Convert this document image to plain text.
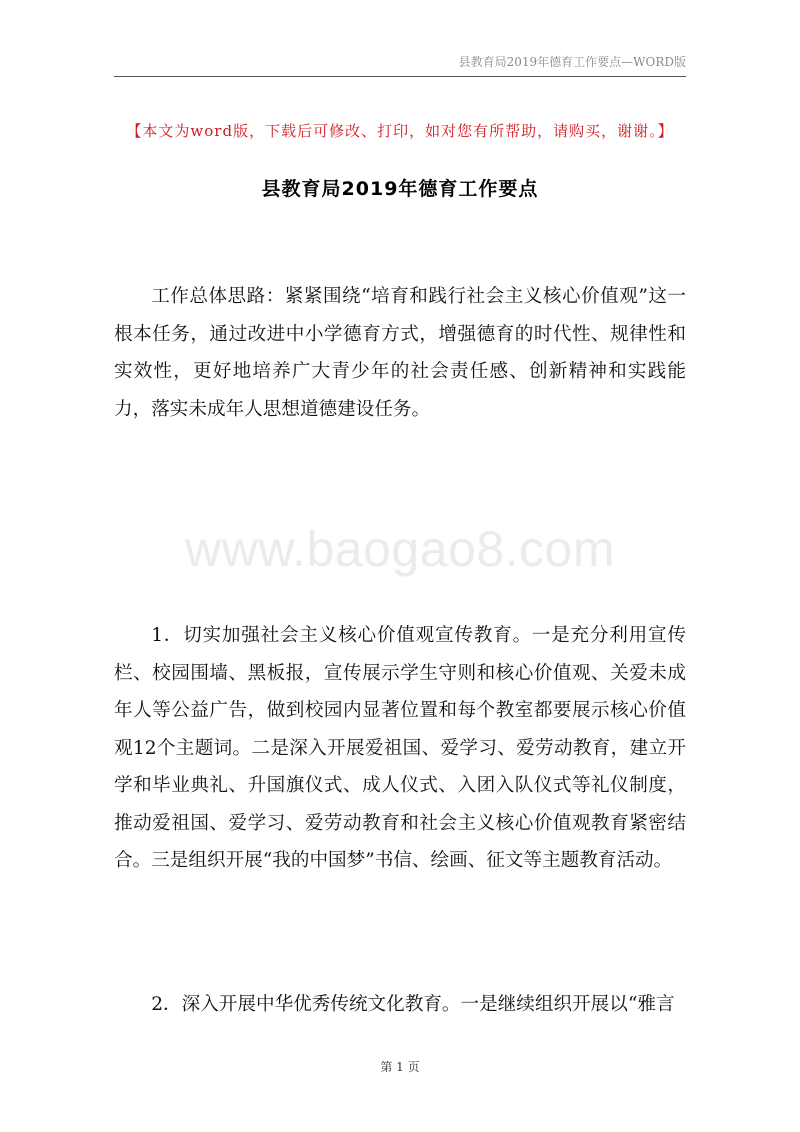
县教育局2019年德育工作要点—WORD版
【本文为word版，下载后可修改、打印，如对您有所帮助，请购买，谢谢。】
县教育局2019年德育工作要点
www.baogao8.com

工作总体思路：紧紧围绕“培育和践行社会主义核心价值观”这一根本任务，通过改进中小学德育方式，增强德育的时代性、规律性和实效性，更好地培养广大青少年的社会责任感、创新精神和实践能力，落实未成年人思想道德建设任务。

1．切实加强社会主义核心价值观宣传教育。一是充分利用宣传栏、校园围墙、黑板报，宣传展示学生守则和核心价值观、关爱未成年人等公益广告，做到校园内显著位置和每个教室都要展示核心价值观12个主题词。二是深入开展爱祖国、爱学习、爱劳动教育，建立开学和毕业典礼、升国旗仪式、成人仪式、入团入队仪式等礼仪制度，推动爱祖国、爱学习、爱劳动教育和社会主义核心价值观教育紧密结合。三是组织开展“我的中国梦”书信、绘画、征文等主题教育活动。

2．深入开展中华优秀传统文化教育。一是继续组织开展以“雅言

第 1 页
